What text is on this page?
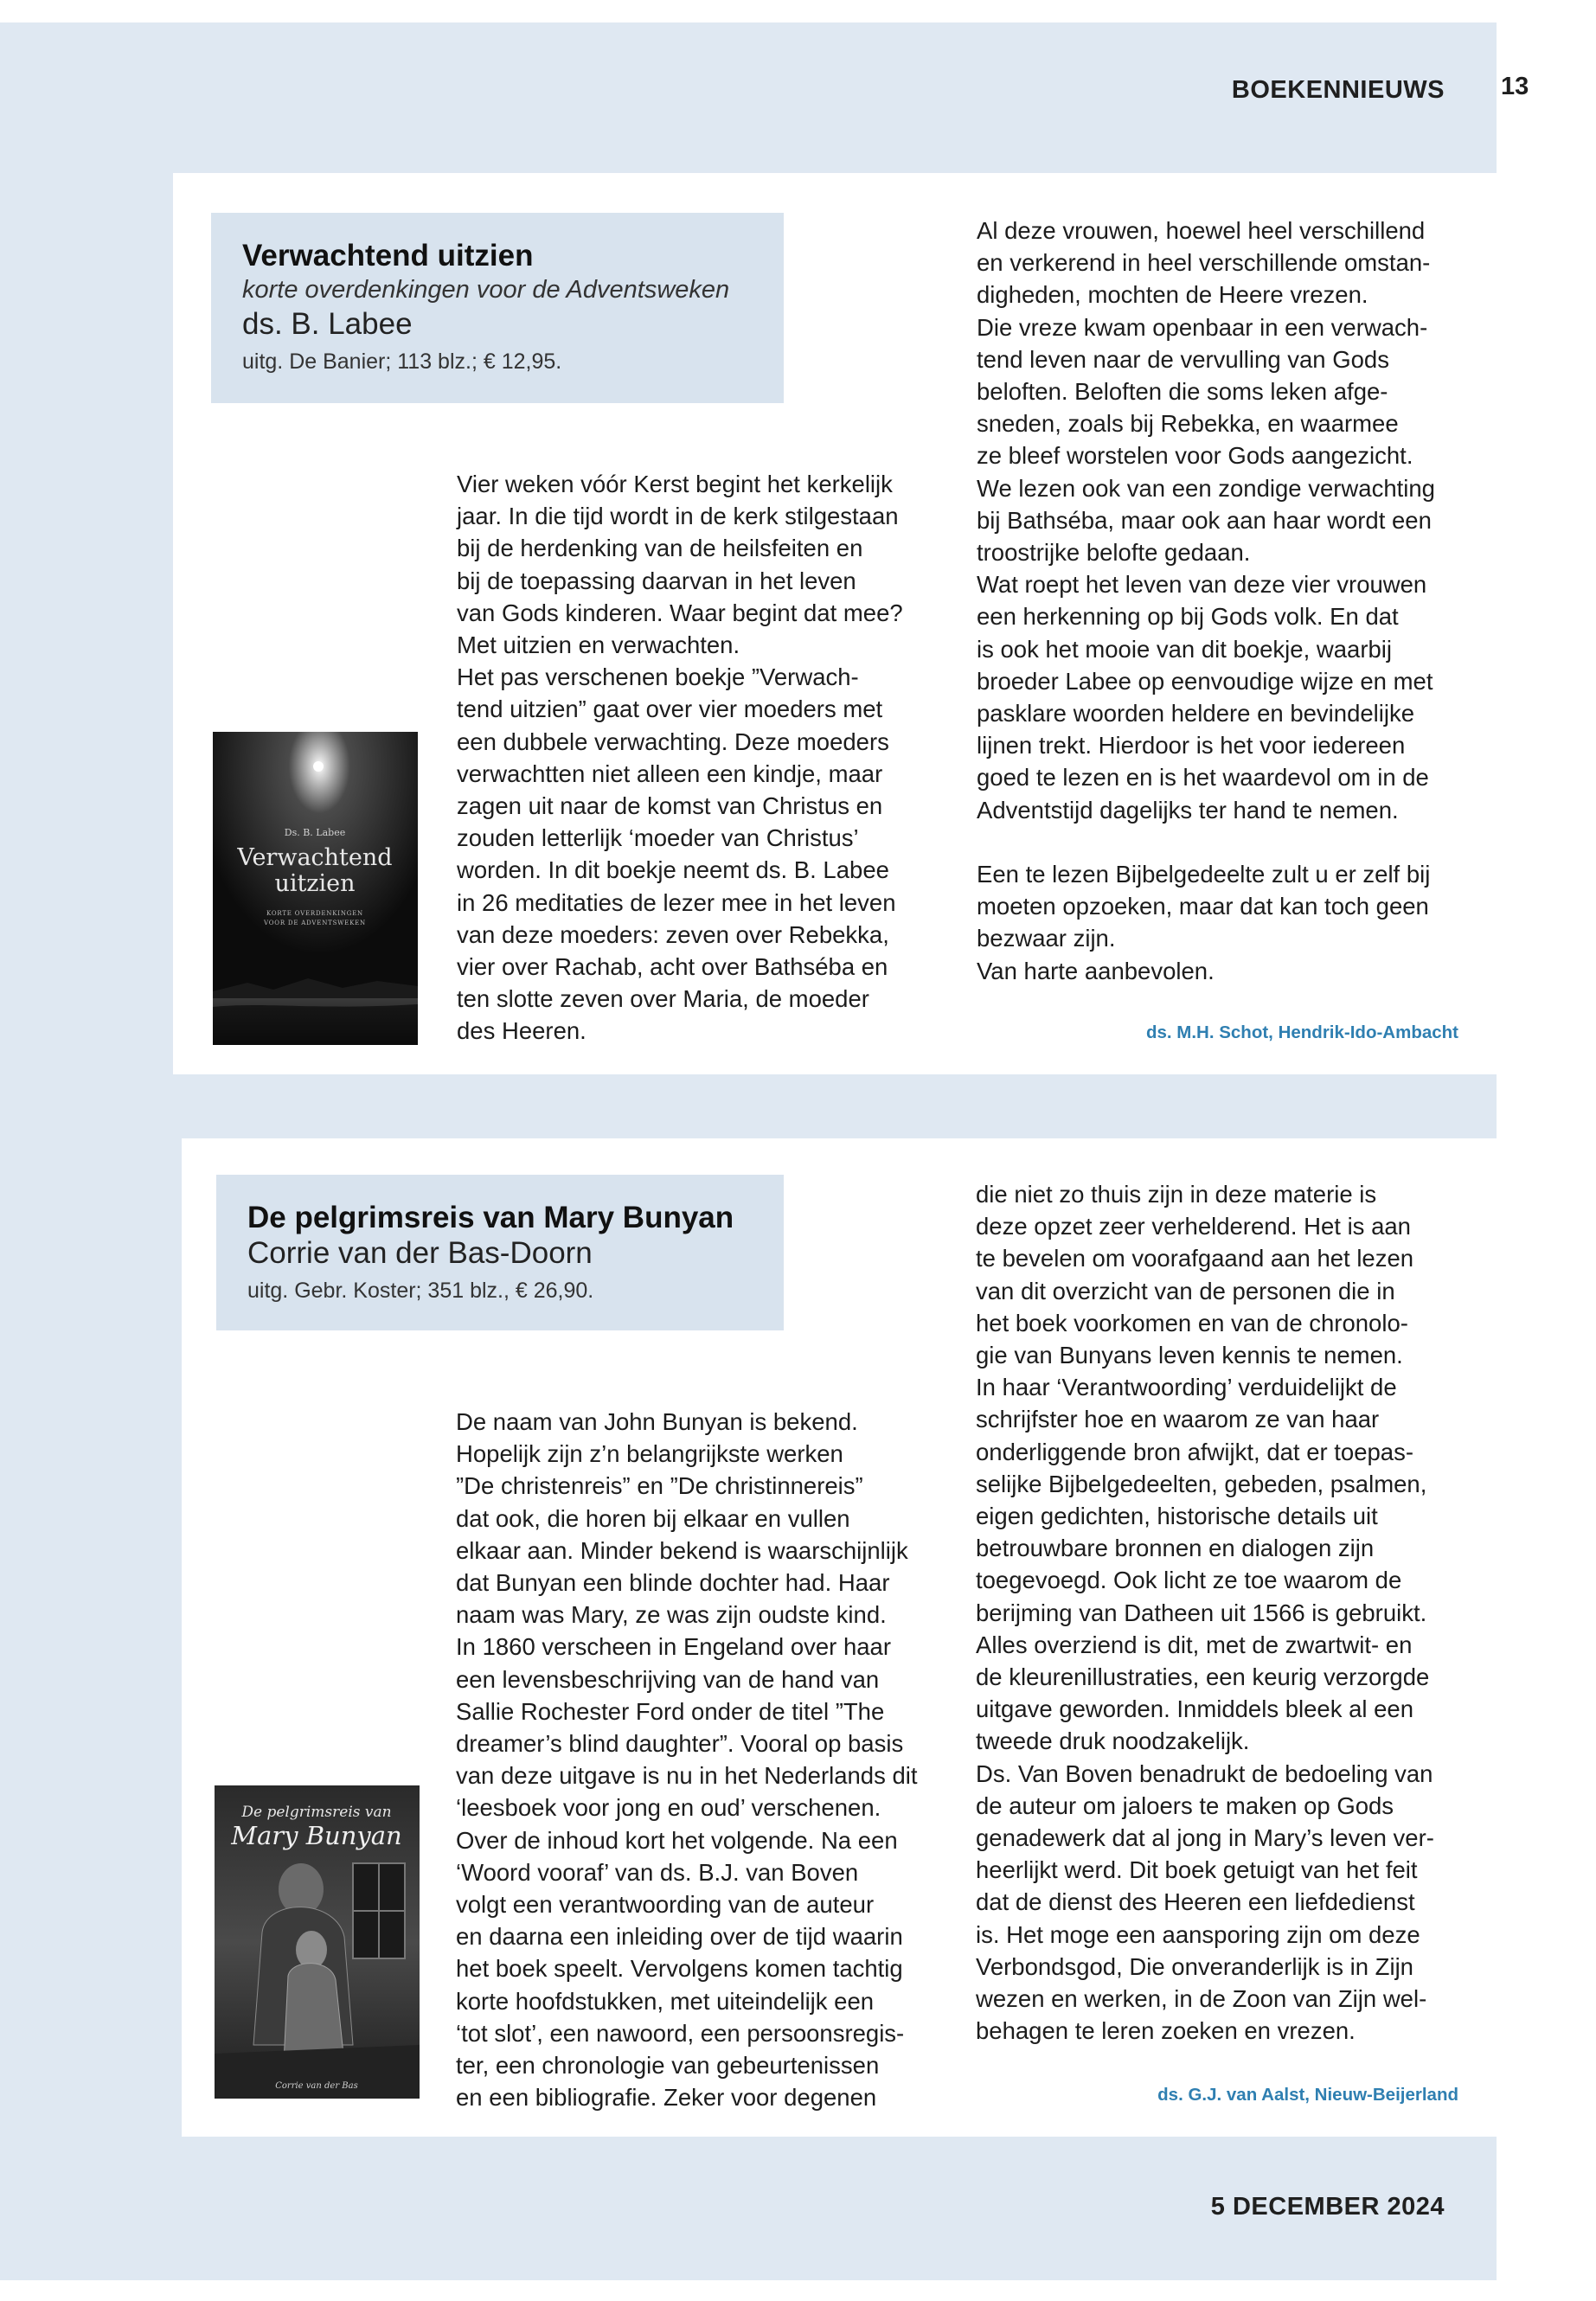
BOEKENNIEUWS 13
Verwachtend uitzien
korte overdenkingen voor de Adventsweken
ds. B. Labee
uitg. De Banier; 113 blz.; € 12,95.
Ds. B. Labee
Verwachtend
uitzien
KORTE OVERDENKINGEN
VOOR DE ADVENTSWEKEN
Vier weken vóór Kerst begint het kerkelijk
jaar. In die tijd wordt in de kerk stilgestaan
bij de herdenking van de heilsfeiten en
bij de toepassing daarvan in het leven
van Gods kinderen. Waar begint dat mee?
Met uitzien en verwachten.
Het pas verschenen boekje ”Verwach-
tend uitzien” gaat over vier moeders met
een dubbele verwachting. Deze moeders
verwachtten niet alleen een kindje, maar
zagen uit naar de komst van Christus en
zouden letterlijk ‘moeder van Christus’
worden. In dit boekje neemt ds. B. Labee
in 26 meditaties de lezer mee in het leven
van deze moeders: zeven over Rebekka,
vier over Rachab, acht over Bathséba en
ten slotte zeven over Maria, de moeder
des Heeren.
Al deze vrouwen, hoewel heel verschillend
en verkerend in heel verschillende omstan-
digheden, mochten de Heere vrezen.
Die vreze kwam openbaar in een verwach-
tend leven naar de vervulling van Gods
beloften. Beloften die soms leken afge-
sneden, zoals bij Rebekka, en waarmee
ze bleef worstelen voor Gods aangezicht.
We lezen ook van een zondige verwachting
bij Bathséba, maar ook aan haar wordt een
troostrijke belofte gedaan.
Wat roept het leven van deze vier vrouwen
een herkenning op bij Gods volk. En dat
is ook het mooie van dit boekje, waarbij
broeder Labee op eenvoudige wijze en met
pasklare woorden heldere en bevindelijke
lijnen trekt. Hierdoor is het voor iedereen
goed te lezen en is het waardevol om in de
Adventstijd dagelijks ter hand te nemen.

Een te lezen Bijbelgedeelte zult u er zelf bij
moeten opzoeken, maar dat kan toch geen
bezwaar zijn.
Van harte aanbevolen.
ds. M.H. Schot, Hendrik-Ido-Ambacht
De pelgrimsreis van Mary Bunyan
Corrie van der Bas-Doorn
uitg. Gebr. Koster; 351 blz., € 26,90.
De pelgrimsreis van
Mary Bunyan
Corrie van der Bas
De naam van John Bunyan is bekend.
Hopelijk zijn z’n belangrijkste werken
”De christenreis” en ”De christinnereis”
dat ook, die horen bij elkaar en vullen
elkaar aan. Minder bekend is waarschijnlijk
dat Bunyan een blinde dochter had. Haar
naam was Mary, ze was zijn oudste kind.
In 1860 verscheen in Engeland over haar
een levensbeschrijving van de hand van
Sallie Rochester Ford onder de titel ”The
dreamer’s blind daughter”. Vooral op basis
van deze uitgave is nu in het Nederlands dit
‘leesboek voor jong en oud’ verschenen.
Over de inhoud kort het volgende. Na een
‘Woord vooraf’ van ds. B.J. van Boven
volgt een verantwoording van de auteur
en daarna een inleiding over de tijd waarin
het boek speelt. Vervolgens komen tachtig
korte hoofdstukken, met uiteindelijk een
‘tot slot’, een nawoord, een persoonsregis-
ter, een chronologie van gebeurtenissen
en een bibliografie. Zeker voor degenen
die niet zo thuis zijn in deze materie is
deze opzet zeer verhelderend. Het is aan
te bevelen om voorafgaand aan het lezen
van dit overzicht van de personen die in
het boek voorkomen en van de chronolo-
gie van Bunyans leven kennis te nemen.
In haar ‘Verantwoording’ verduidelijkt de
schrijfster hoe en waarom ze van haar
onderliggende bron afwijkt, dat er toepas-
selijke Bijbelgedeelten, gebeden, psalmen,
eigen gedichten, historische details uit
betrouwbare bronnen en dialogen zijn
toegevoegd. Ook licht ze toe waarom de
berijming van Datheen uit 1566 is gebruikt.
Alles overziend is dit, met de zwartwit- en
de kleurenillustraties, een keurig verzorgde
uitgave geworden. Inmiddels bleek al een
tweede druk noodzakelijk.
Ds. Van Boven benadrukt de bedoeling van
de auteur om jaloers te maken op Gods
genadewerk dat al jong in Mary’s leven ver-
heerlijkt werd. Dit boek getuigt van het feit
dat de dienst des Heeren een liefdedienst
is. Het moge een aansporing zijn om deze
Verbondsgod, Die onveranderlijk is in Zijn
wezen en werken, in de Zoon van Zijn wel-
behagen te leren zoeken en vrezen.
ds. G.J. van Aalst, Nieuw-Beijerland
5 DECEMBER 2024
